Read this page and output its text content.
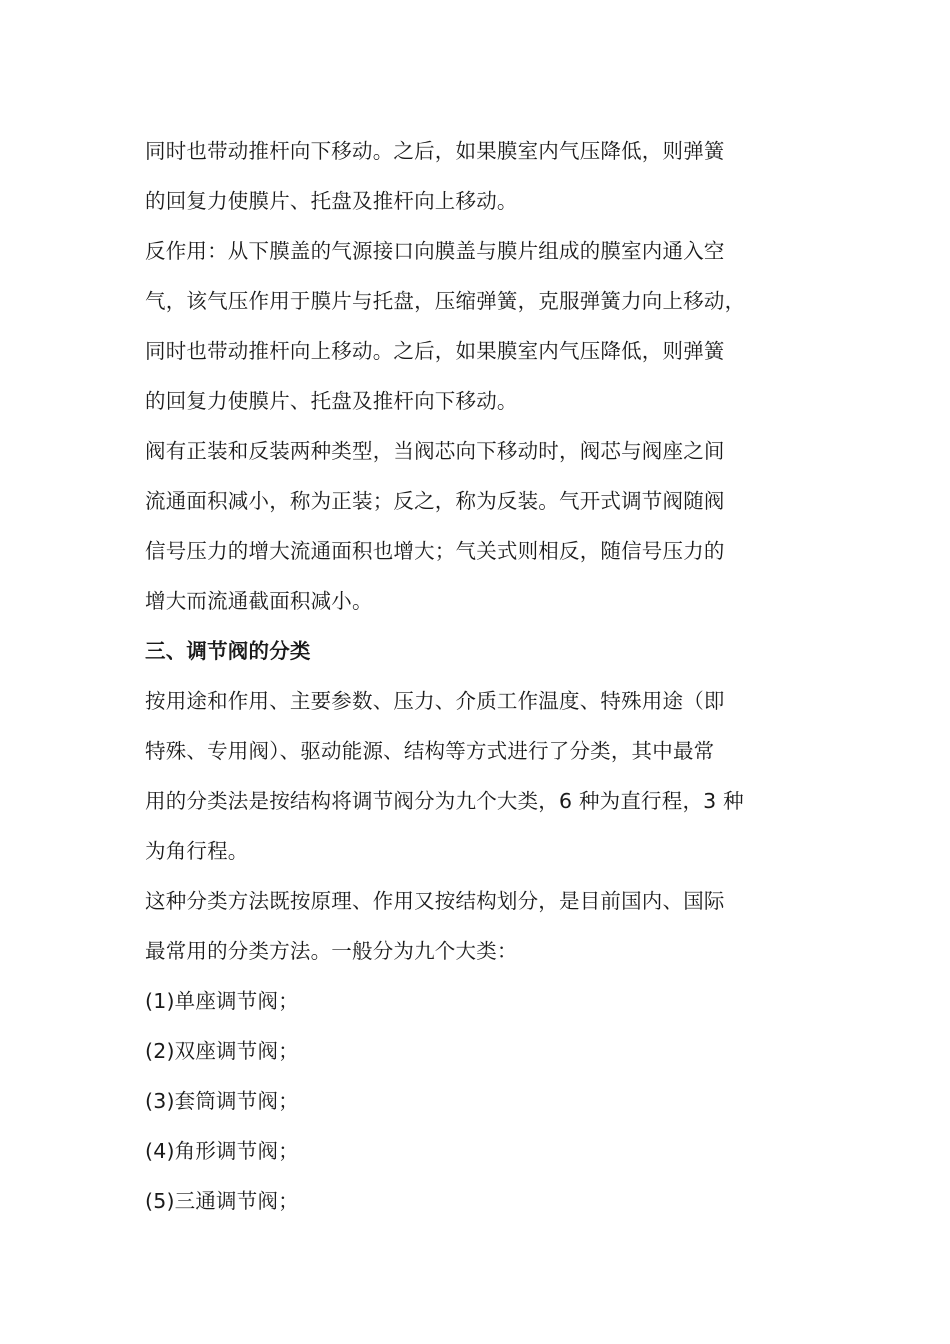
同时也带动推杆向下移动。之后，如果膜室内气压降低，则弹簧
的回复力使膜片、托盘及推杆向上移动。
反作用：从下膜盖的气源接口向膜盖与膜片组成的膜室内通入空
气，该气压作用于膜片与托盘，压缩弹簧，克服弹簧力向上移动，
同时也带动推杆向上移动。之后，如果膜室内气压降低，则弹簧
的回复力使膜片、托盘及推杆向下移动。
阀有正装和反装两种类型，当阀芯向下移动时，阀芯与阀座之间
流通面积减小，称为正装；反之，称为反装。气开式调节阀随阀
信号压力的增大流通面积也增大；气关式则相反，随信号压力的
增大而流通截面积减小。
三、调节阀的分类
按用途和作用、主要参数、压力、介质工作温度、特殊用途（即
特殊、专用阀）、驱动能源、结构等方式进行了分类，其中最常
用的分类法是按结构将调节阀分为九个大类，6 种为直行程，3 种
为角行程。
这种分类方法既按原理、作用又按结构划分，是目前国内、国际
最常用的分类方法。一般分为九个大类：
(1)单座调节阀；
(2)双座调节阀；
(3)套筒调节阀；
(4)角形调节阀；
(5)三通调节阀；
